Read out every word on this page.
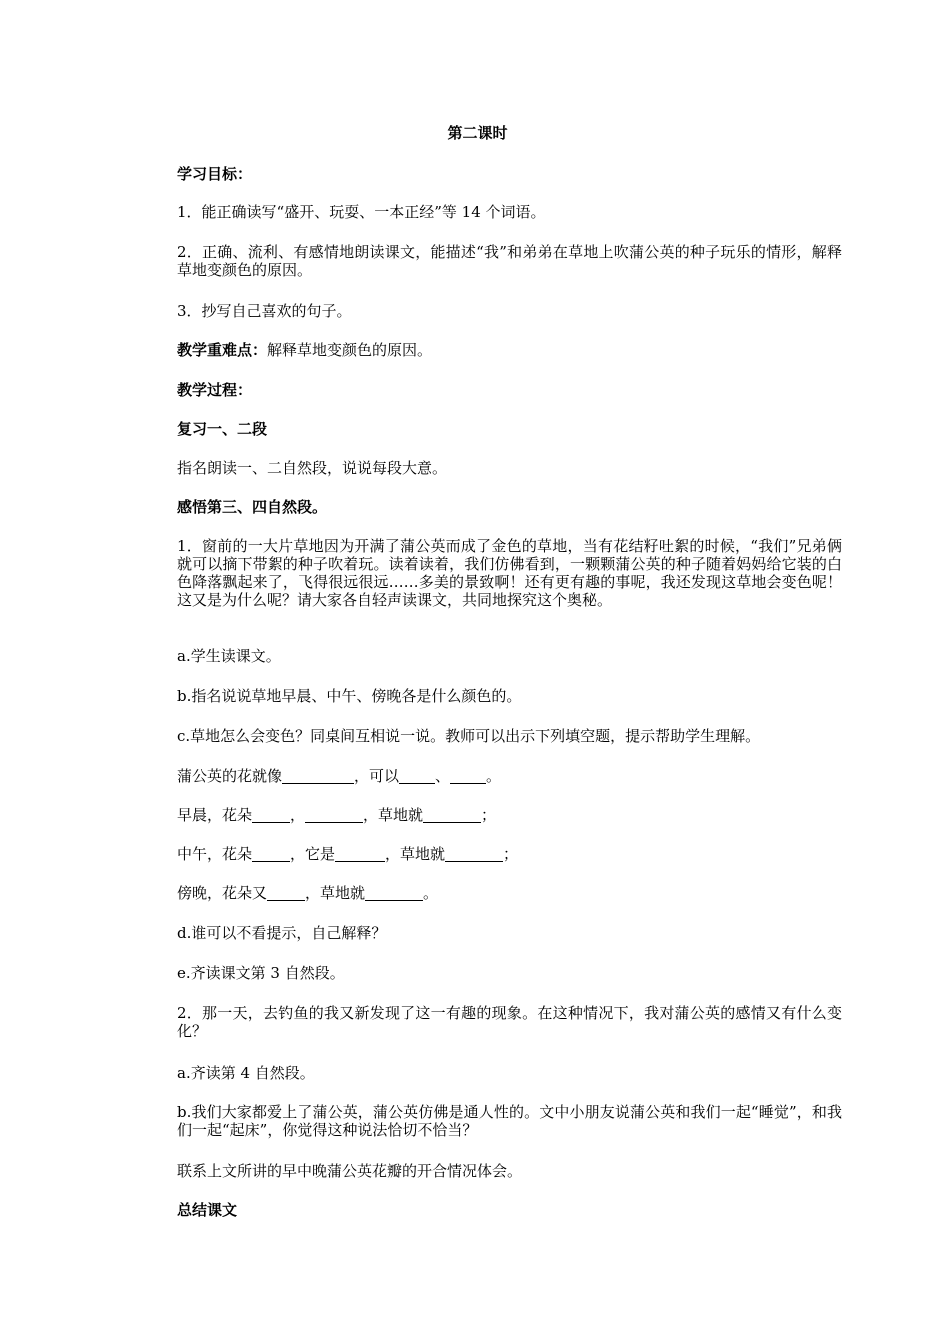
第二课时
学习目标：
1．能正确读写“盛开、玩耍、一本正经”等 14 个词语。
2．正确、流利、有感情地朗读课文，能描述“我”和弟弟在草地上吹蒲公英的种子玩乐的情形，解释草地变颜色的原因。
3．抄写自己喜欢的句子。
教学重难点：解释草地变颜色的原因。
教学过程：
复习一、二段
指名朗读一、二自然段，说说每段大意。
感悟第三、四自然段。
1．窗前的一大片草地因为开满了蒲公英而成了金色的草地，当有花结籽吐絮的时候，“我们”兄弟俩就可以摘下带絮的种子吹着玩。读着读着，我们仿佛看到，一颗颗蒲公英的种子随着妈妈给它装的白色降落飘起来了，飞得很远很远……多美的景致啊！还有更有趣的事呢，我还发现这草地会变色呢！这又是为什么呢？请大家各自轻声读课文，共同地探究这个奥秘。
a.学生读课文。
b.指名说说草地早晨、中午、傍晚各是什么颜色的。
c.草地怎么会变色？同桌间互相说一说。教师可以出示下列填空题，提示帮助学生理解。
蒲公英的花就像	，可以 、 。
早晨，花朵	，	，草地就	；
中午，花朵	，它是	，草地就	；
傍晚，花朵又	，草地就	。
d.谁可以不看提示，自己解释？
e.齐读课文第 3 自然段。
2．那一天，去钓鱼的我又新发现了这一有趣的现象。在这种情况下，我对蒲公英的感情又有什么变化？
a.齐读第 4 自然段。
b.我们大家都爱上了蒲公英，蒲公英仿佛是通人性的。文中小朋友说蒲公英和我们一起“睡觉”，和我们一起“起床”，你觉得这种说法恰切不恰当？
联系上文所讲的早中晚蒲公英花瓣的开合情况体会。
总结课文
